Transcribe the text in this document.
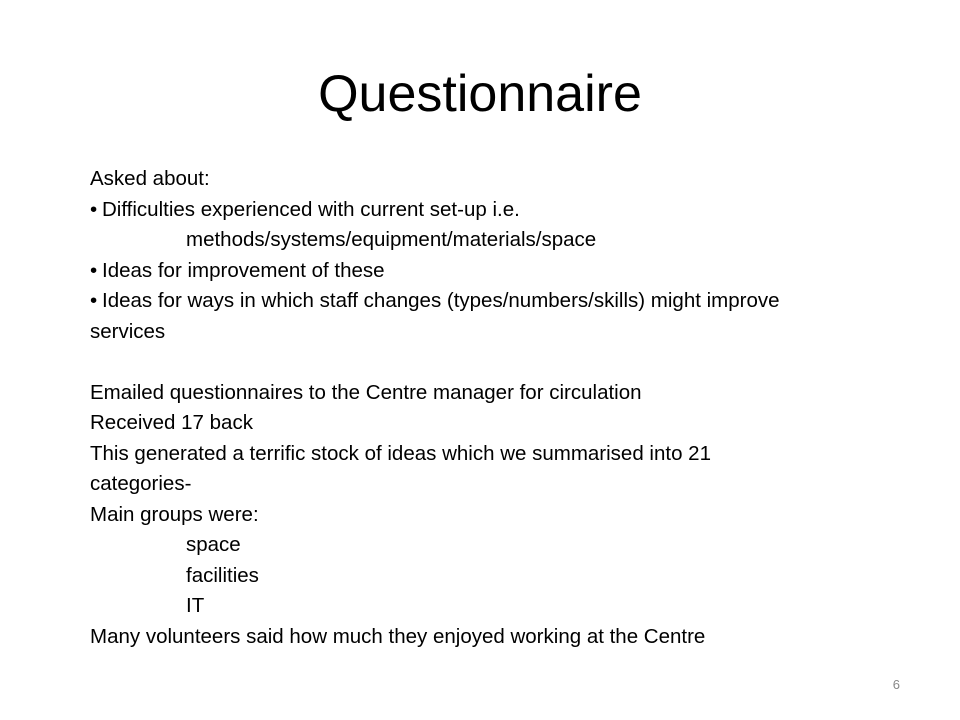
Questionnaire
Asked about:
• Difficulties experienced with current set-up i.e.
methods/systems/equipment/materials/space
• Ideas for improvement of these
• Ideas for ways in which staff changes (types/numbers/skills) might improve
services
Emailed questionnaires to the Centre manager for circulation
Received 17 back
This generated a terrific stock of ideas which we summarised into 21
categories-
Main groups were:
space
facilities
IT
Many volunteers said how much they enjoyed working at the Centre
6
